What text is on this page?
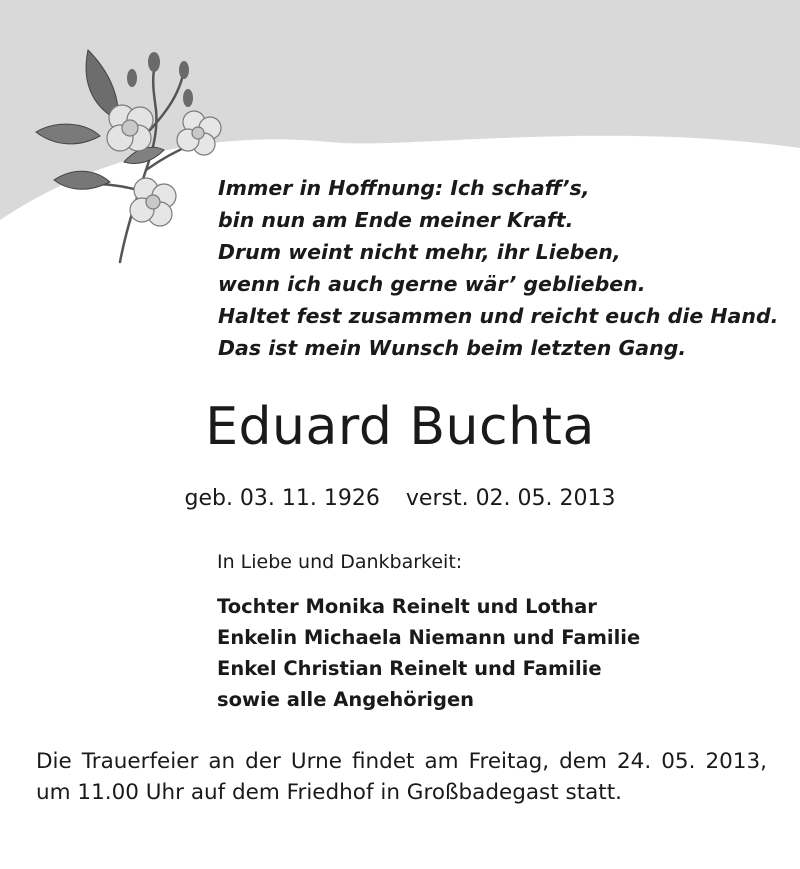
Immer in Hoffnung: Ich schaff’s,
bin nun am Ende meiner Kraft.
Drum weint nicht mehr, ihr Lieben,
wenn ich auch gerne wär’ geblieben.
Haltet fest zusammen und reicht euch die Hand.
Das ist mein Wunsch beim letzten Gang.
Eduard Buchta
geb. 03. 11. 1926 verst. 02. 05. 2013
In Liebe und Dankbarkeit:
Tochter Monika Reinelt und Lothar
Enkelin Michaela Niemann und Familie
Enkel Christian Reinelt und Familie
sowie alle Angehörigen
Die Trauerfeier an der Urne findet am Freitag, dem 24. 05. 2013, um 11.00 Uhr auf dem Friedhof in Großbadegast statt.
